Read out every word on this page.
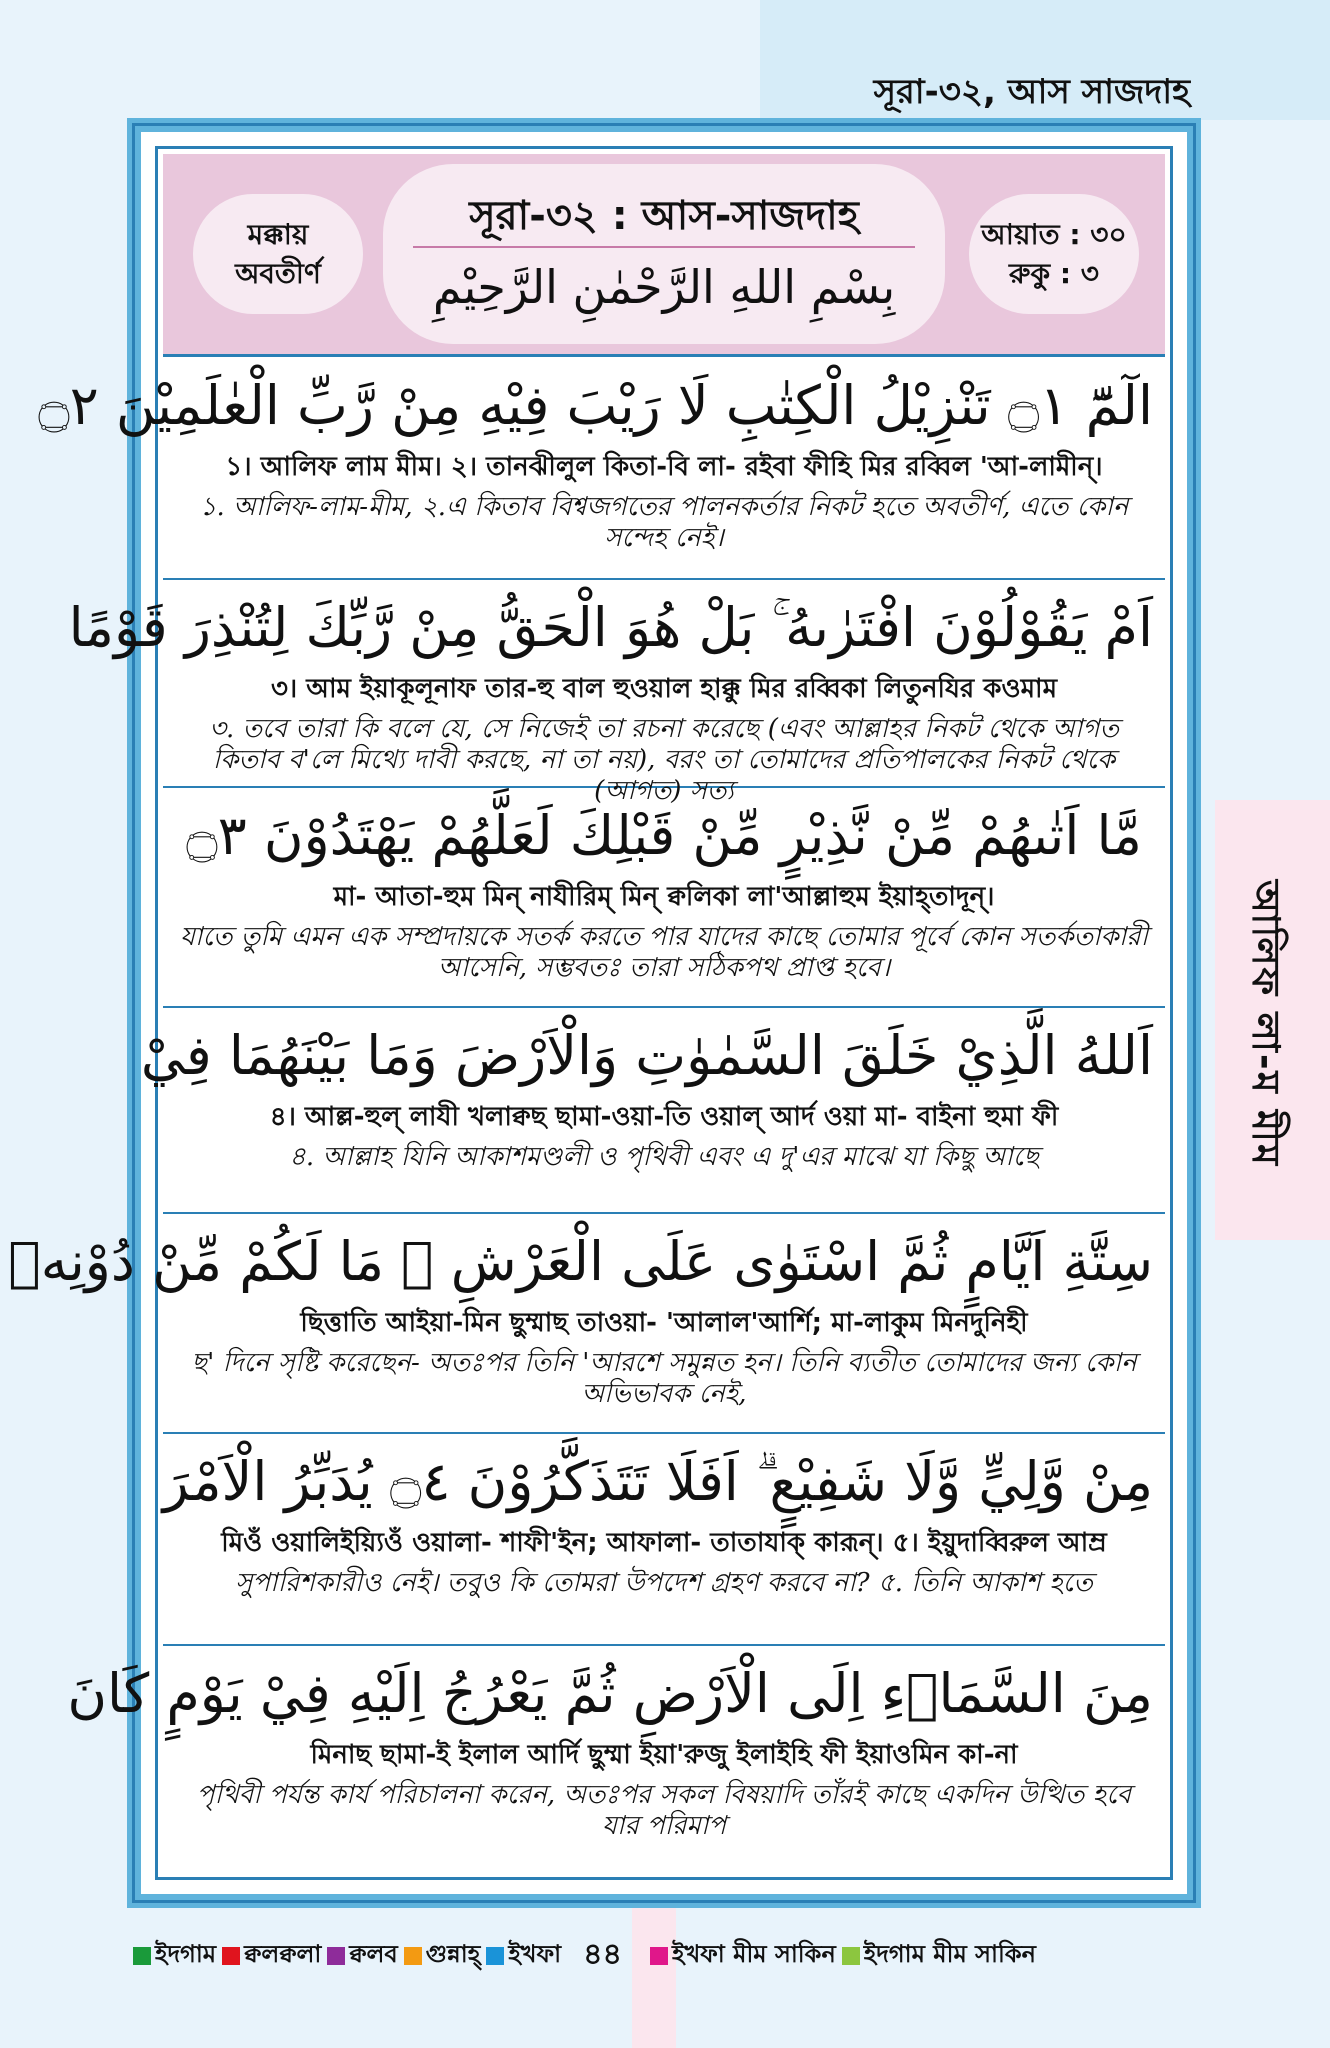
সূরা-৩২, আস সাজদাহ
মক্কায়
অবতীর্ণ
সূরা-৩২ : আস-সাজদাহ
بِسْمِ اللهِ الرَّحْمٰنِ الرَّحِيْمِ
আয়াত : ৩০
রুকু : ৩
الٓمّٓ ۝١ تَنْزِيْلُ الْكِتٰبِ لَا رَيْبَ فِيْهِ مِنْ رَّبِّ الْعٰلَمِيْنَ ۝٢
১। আলিফ লাম মীম। ২। তানঝীলুল কিতা-বি লা- রইবা ফীহি মির রব্বিল 'আ-লামীন্।
১. আলিফ-লাম-মীম, ২.এ কিতাব বিশ্বজগতের পালনকর্তার নিকট হতে অবতীর্ণ, এতে কোন সন্দেহ নেই।
اَمْ يَقُوْلُوْنَ افْتَرٰىهُ ۚ بَلْ هُوَ الْحَقُّ مِنْ رَّبِّكَ لِتُنْذِرَ قَوْمًا
৩। আম ইয়াকূলূনাফ তার-হু বাল হুওয়াল হাক্কু মির রব্বিকা লিতুনযির কওমাম
৩. তবে তারা কি বলে যে, সে নিজেই তা রচনা করেছে (এবং আল্লাহর নিকট থেকে আগত কিতাব ব'লে মিথ্যে দাবী করছে, না তা নয়), বরং তা তোমাদের প্রতিপালকের নিকট থেকে (আগত) সত্য
مَّا اَتٰىهُمْ مِّنْ نَّذِيْرٍ مِّنْ قَبْلِكَ لَعَلَّهُمْ يَهْتَدُوْنَ ۝٣
মা- আতা-হুম মিন্ নাযীরিম্ মিন্ ক্বলিকা লা'আল্লাহুম ইয়াহ্তাদূন্।
যাতে তুমি এমন এক সম্প্রদায়কে সতর্ক করতে পার যাদের কাছে তোমার পূর্বে কোন সতর্কতাকারী আসেনি, সম্ভবতঃ তারা সঠিকপথ প্রাপ্ত হবে।
اَللهُ الَّذِيْ خَلَقَ السَّمٰوٰتِ وَالْاَرْضَ وَمَا بَيْنَهُمَا فِيْ
৪। আল্ল-হুল্ লাযী খলাক্বছ ছামা-ওয়া-তি ওয়াল্ আর্দ ওয়া মা- বাইনা হুমা ফী
৪. আল্লাহ যিনি আকাশমণ্ডলী ও পৃথিবী এবং এ দু'এর মাঝে যা কিছু আছে
سِتَّةِ اَيَّامٍ ثُمَّ اسْتَوٰى عَلَى الْعَرْشِ ۗ مَا لَكُمْ مِّنْ دُوْنِهٖ
ছিত্তাতি আইয়া-মিন ছুম্মাছ তাওয়া- 'আলাল'আর্শি; মা-লাকুম মিনদুনিহী
ছ' দিনে সৃষ্টি করেছেন- অতঃপর তিনি 'আরশে সমুন্নত হন। তিনি ব্যতীত তোমাদের জন্য কোন অভিভাবক নেই,
مِنْ وَّلِيٍّ وَّلَا شَفِيْعٍ ۗ اَفَلَا تَتَذَكَّرُوْنَ ۝٤ يُدَبِّرُ الْاَمْرَ
মিওঁ ওয়ালিইয়্যিওঁ ওয়ালা- শাফী'ইন; আফালা- তাতাযাক্ কারূন্। ৫। ইয়ুদাব্বিরুল আম্র
সুপারিশকারীও নেই। তবুও কি তোমরা উপদেশ গ্রহণ করবে না? ৫. তিনি আকাশ হতে
مِنَ السَّمَاۤءِ اِلَى الْاَرْضِ ثُمَّ يَعْرُجُ اِلَيْهِ فِيْ يَوْمٍ كَانَ
মিনাছ ছামা-ই ইলাল আর্দি ছুম্মা ইয়া'রুজু ইলাইহি ফী ইয়াওমিন কা-না
পৃথিবী পর্যন্ত কার্য পরিচালনা করেন, অতঃপর সকল বিষয়াদি তাঁরই কাছে একদিন উত্থিত হবে যার পরিমাপ
আলিফ লা-ম মীম
ইদগাম ক্বলক্বলা ক্বলব গুন্নাহ্ ইখফা ৪৪ ইখফা মীম সাকিন ইদগাম মীম সাকিন
